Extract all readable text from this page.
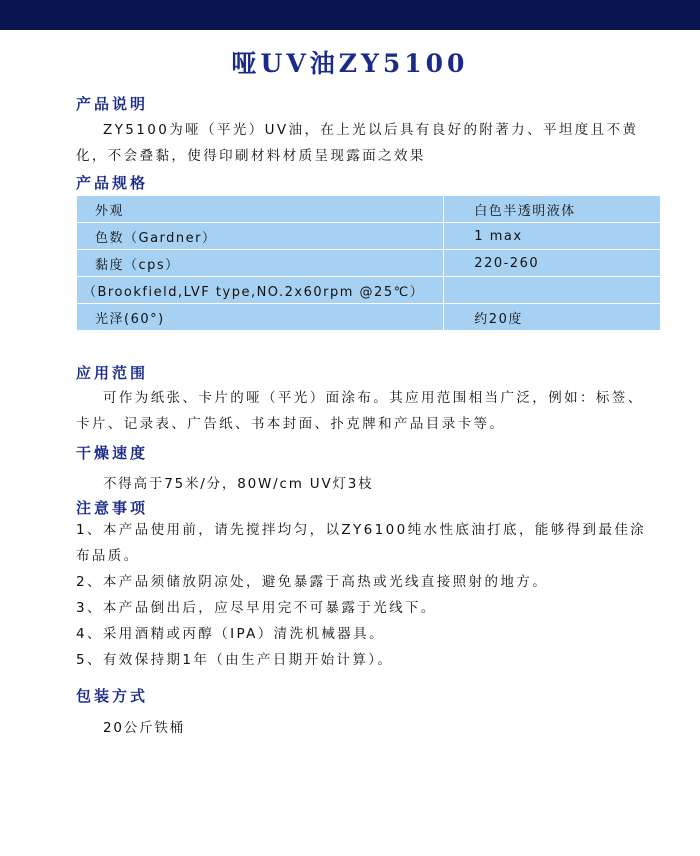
哑UV油ZY5100
产品说明
ZY5100为哑（平光）UV油，在上光以后具有良好的附著力、平坦度且不黄
化，不会叠黏，使得印刷材料材质呈现露面之效果
产品规格
外观	白色半透明液体
色数（Gardner）	1 max
黏度（cps）	220-260
（Brookfield,LVF type,NO.2x60rpm @25℃）	
光泽(60°)	约20度
应用范围
可作为纸张、卡片的哑（平光）面涂布。其应用范围相当广泛，例如：标签、
卡片、记录表、广告纸、书本封面、扑克牌和产品目录卡等。
干燥速度
不得高于75米/分，80W/cm UV灯3枝
注意事项
1、本产品使用前，请先搅拌均匀，以ZY6100纯水性底油打底，能够得到最佳涂
布品质。
2、本产品须储放阴凉处，避免暴露于高热或光线直接照射的地方。
3、本产品倒出后，应尽早用完不可暴露于光线下。
4、采用酒精或丙醇（IPA）清洗机械器具。
5、有效保持期1年（由生产日期开始计算）。
包装方式
20公斤铁桶
